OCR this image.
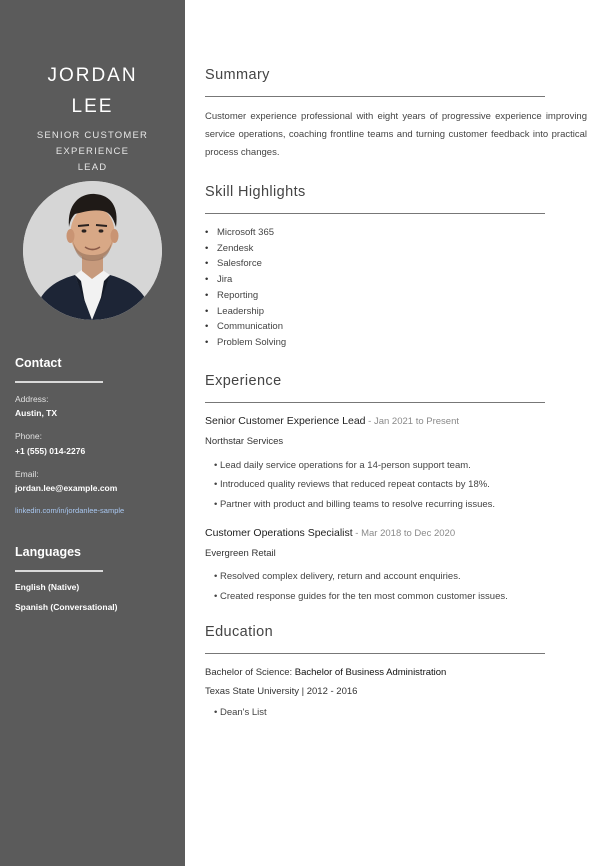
JORDAN
LEE
SENIOR CUSTOMER EXPERIENCE
LEAD
Contact
Address:
Austin, TX
Phone:
+1 (555) 014-2276
Email:
jordan.lee@example.com
linkedin.com/in/jordanlee-sample
Languages
English (Native)
Spanish (Conversational)
Summary
Customer experience professional with eight years of progressive experience improving service operations, coaching frontline teams and turning customer feedback into practical process changes.
Skill Highlights
• Microsoft 365
• Zendesk
• Salesforce
• Jira
• Reporting
• Leadership
• Communication
• Problem Solving
Experience
Senior Customer Experience Lead - Jan 2021 to Present
Northstar Services
• Lead daily service operations for a 14-person support team.
• Introduced quality reviews that reduced repeat contacts by 18%.
• Partner with product and billing teams to resolve recurring issues.
Customer Operations Specialist - Mar 2018 to Dec 2020
Evergreen Retail
• Resolved complex delivery, return and account enquiries.
• Created response guides for the ten most common customer issues.
Education
Bachelor of Science: Bachelor of Business Administration
Texas State University | 2012 - 2016
• Dean's List
